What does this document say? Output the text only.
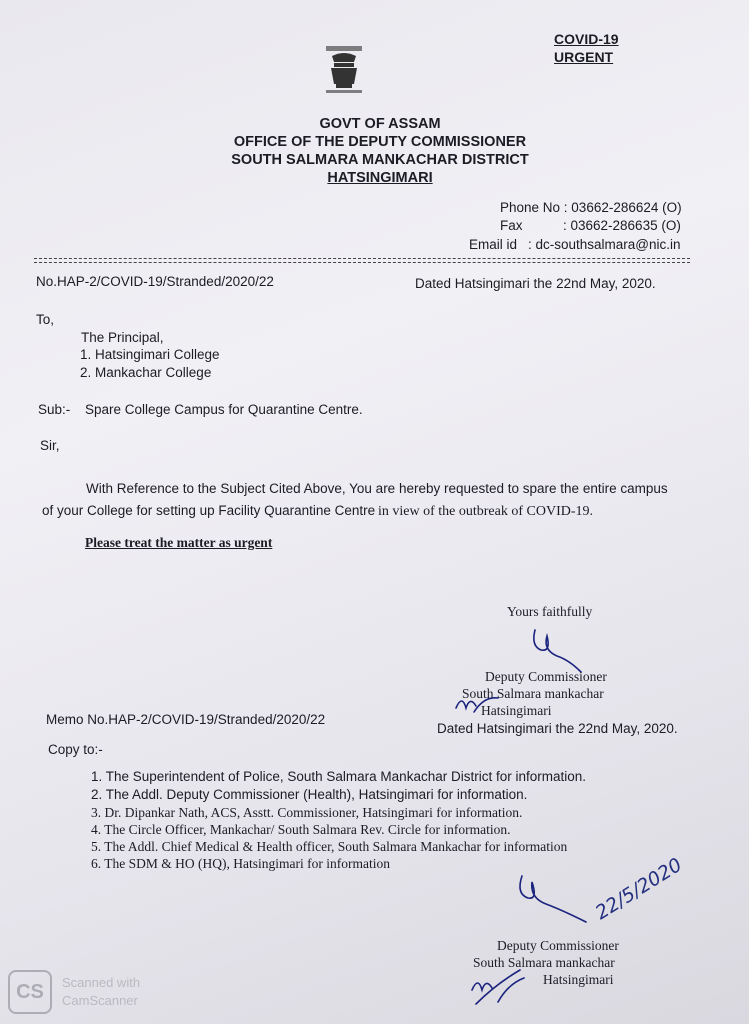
COVID-19
URGENT
GOVT OF ASSAM
OFFICE OF THE DEPUTY COMMISSIONER
SOUTH SALMARA MANKACHAR DISTRICT
HATSINGIMARI
Phone No : 03662-286624 (O)
Fax	: 03662-286635 (O)
Email id : dc-southsalmara@nic.in
No.HAP-2/COVID-19/Stranded/2020/22	Dated Hatsingimari the 22nd May, 2020.
To,
The Principal,
1. Hatsingimari College
2. Mankachar College
Sub:- Spare College Campus for Quarantine Centre.
Sir,
With Reference to the Subject Cited Above, You are hereby requested to spare the entire campus
of your College for setting up Facility Quarantine Centre in view of the outbreak of COVID-19.
Please treat the matter as urgent
Yours faithfully
Deputy Commissioner
South Salmara mankachar
Hatsingimari
Memo No.HAP-2/COVID-19/Stranded/2020/22
Dated Hatsingimari the 22nd May, 2020.
Copy to:-
1. The Superintendent of Police, South Salmara Mankachar District for information.
2. The Addl. Deputy Commissioner (Health), Hatsingimari for information.
3. Dr. Dipankar Nath, ACS, Asstt. Commissioner, Hatsingimari for information.
4. The Circle Officer, Mankachar/ South Salmara Rev. Circle for information.
5. The Addl. Chief Medical & Health officer, South Salmara Mankachar for information
6. The SDM & HO (HQ), Hatsingimari for information	22/5/2020
Deputy Commissioner
South Salmara mankachar
Hatsingimari
CS	Scanned with
CamScanner
